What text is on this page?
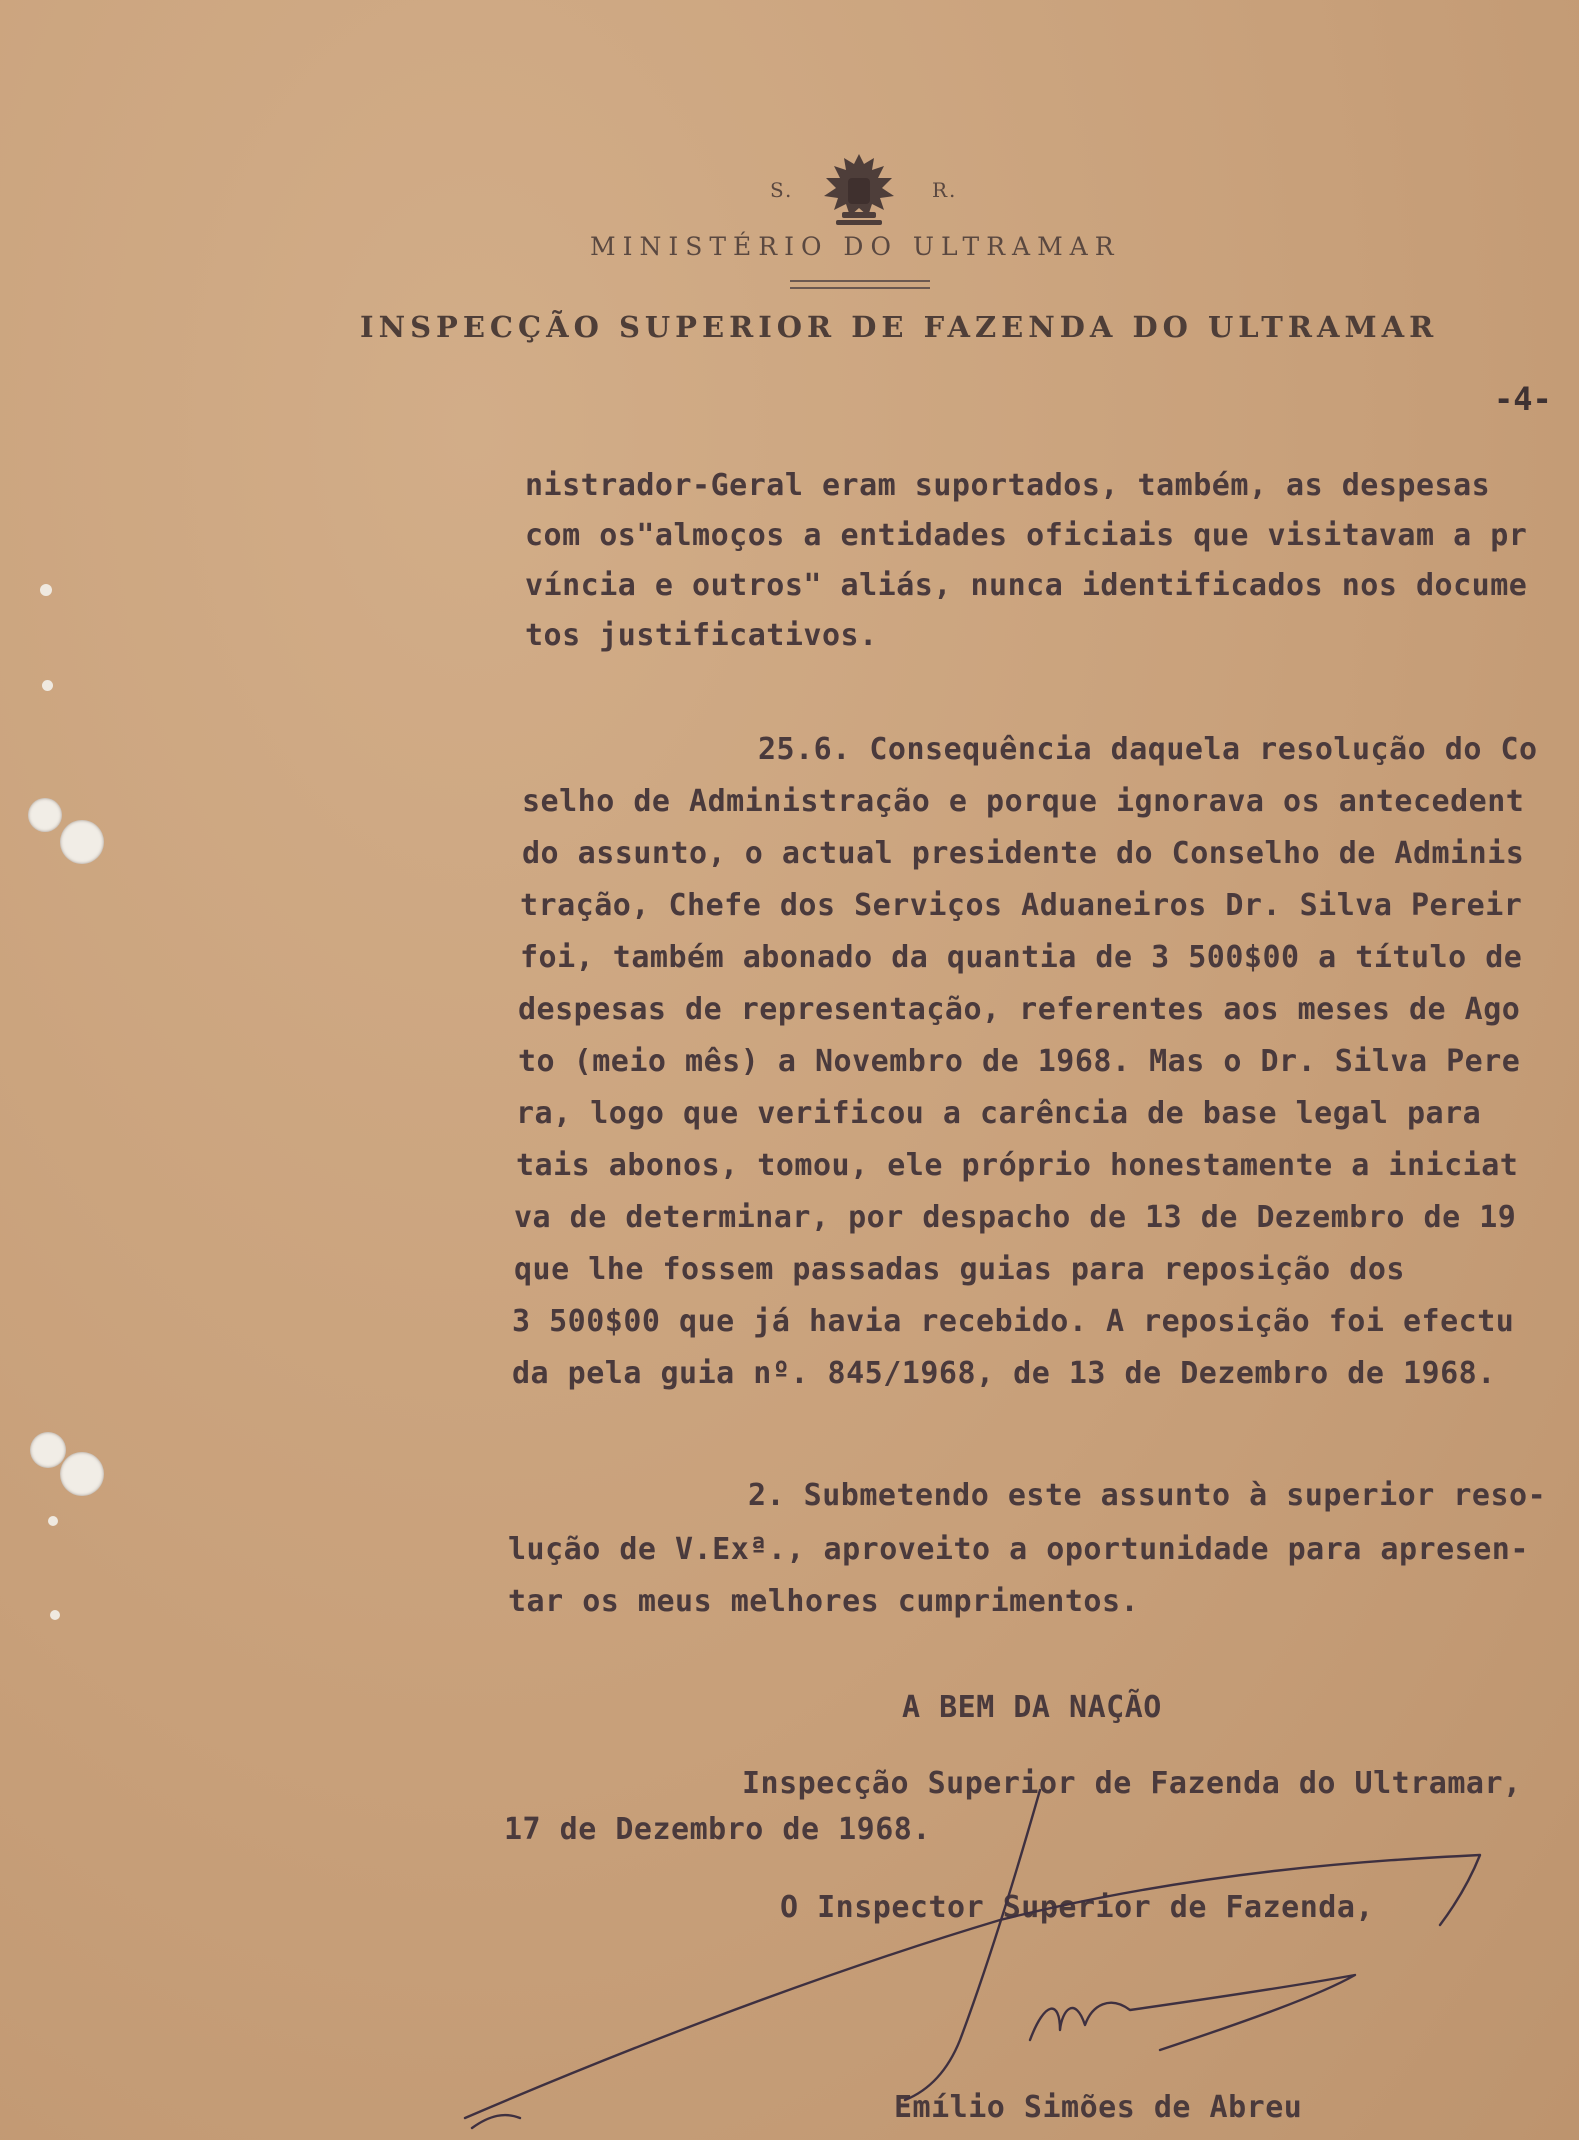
S.	R.
MINISTÉRIO DO ULTRAMAR
INSPECÇÃO SUPERIOR DE FAZENDA DO ULTRAMAR
-4-
nistrador-Geral eram suportados, também, as despesas
com os"almoços a entidades oficiais que visitavam a pr
víncia e outros" aliás, nunca identificados nos docume
tos justificativos.
25.6. Consequência daquela resolução do Co
selho de Administração e porque ignorava os antecedent
do assunto, o actual presidente do Conselho de Adminis
tração, Chefe dos Serviços Aduaneiros Dr. Silva Pereir
foi, também abonado da quantia de 3 500$00 a título de
despesas de representação, referentes aos meses de Ago
to (meio mês) a Novembro de 1968. Mas o Dr. Silva Pere
ra, logo que verificou a carência de base legal para
tais abonos, tomou, ele próprio honestamente a iniciat
va de determinar, por despacho de 13 de Dezembro de 19
que lhe fossem passadas guias para reposição dos
3 500$00 que já havia recebido. A reposição foi efectu
da pela guia nº. 845/1968, de 13 de Dezembro de 1968.
2. Submetendo este assunto à superior reso-
lução de V.Exª., aproveito a oportunidade para apresen-
tar os meus melhores cumprimentos.
A BEM DA NAÇÃO
Inspecção Superior de Fazenda do Ultramar,
17 de Dezembro de 1968.
O Inspector Superior de Fazenda,
Emílio Simões de Abreu
